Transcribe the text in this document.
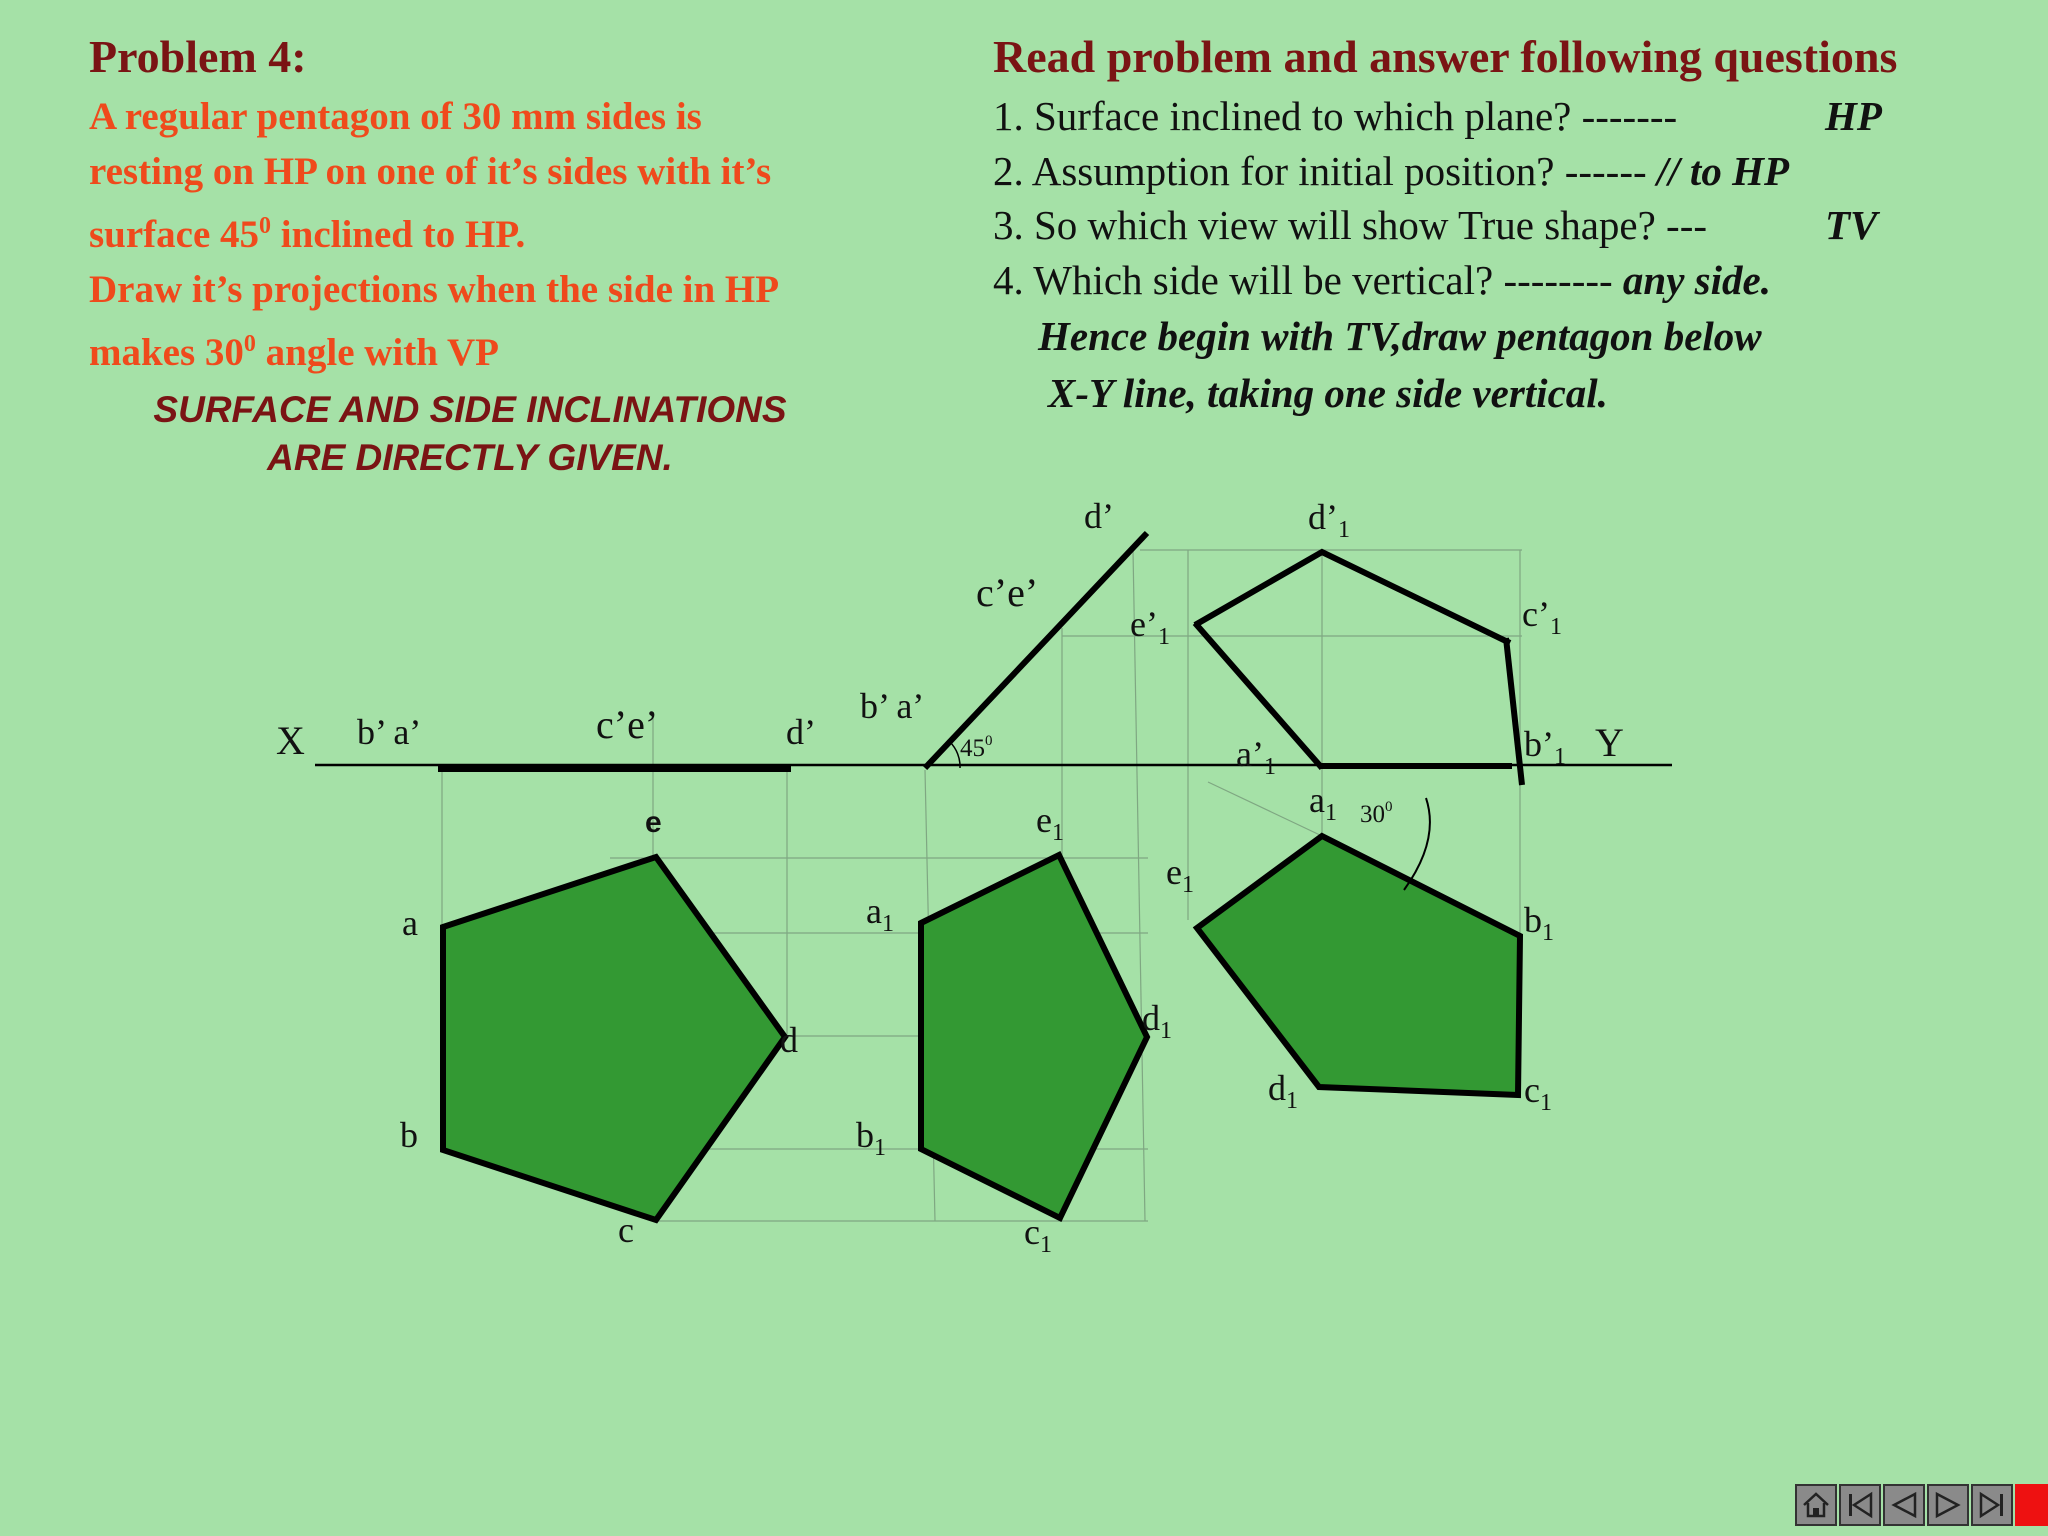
Problem 4:
A regular pentagon of 30 mm sides is
resting on HP on one of it’s sides with it’s
surface $45^0$ inclined to HP.
Draw it’s projections when the side in HP
makes $30^0$ angle with VP
SURFACE AND SIDE INCLINATIONS
ARE DIRECTLY GIVEN.
Read problem and answer following questions
1. Surface inclined to which plane? -------	HP
2. Assumption for initial position? ------ // to HP
3. So which view will show True shape? ---	TV
4. Which side will be vertical? -------- any side.
Hence begin with TV,draw pentagon below
X-Y line, taking one side vertical.
X	Y
b’ a’	c’e’	d’
d’
c’e’
b’ a’
$45^0$
$d’_1$
$e’_1$
$c’_1$
$a’_1$
$b’_1$
a
b
c
d
e
$a_1$
$b_1$
$c_1$
$d_1$
$e_1$
$a_1$ $30^0$
$b_1$
$c_1$
$d_1$
$e_1$
